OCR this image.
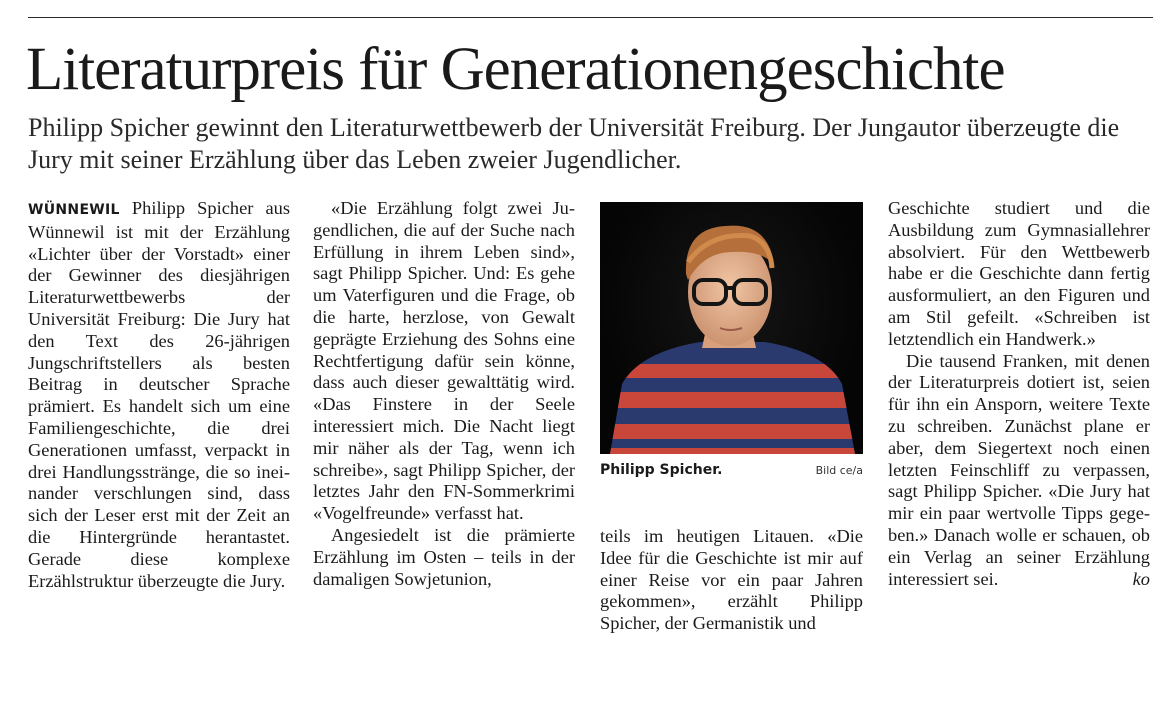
Literaturpreis für Generationengeschichte

Philipp Spicher gewinnt den Literaturwettbewerb der Universität Freiburg. Der Jungautor überzeugte die Jury mit seiner Erzählung über das Leben zweier Jugendlicher.

WÜNNEWIL Philipp Spicher aus Wünnewil ist mit der Erzählung «Lichter über der Vorstadt» einer der Gewinner des diesjährigen Literaturwettbewerbs der Universität Freiburg: Die Jury hat den Text des 26-jährigen Jungschriftstellers als besten Beitrag in deutscher Sprache prämiert. Es handelt sich um eine Familiengeschichte, die drei Generationen umfasst, verpackt in drei Handlungsstränge, die so ineinander verschlungen sind, dass sich der Leser erst mit der Zeit an die Hintergründe herantastet. Gerade diese komplexe Erzählstruktur überzeugte die Jury.

«Die Erzählung folgt zwei Jugendlichen, die auf der Suche nach Erfüllung in ihrem Leben sind», sagt Philipp Spicher. Und: Es gehe um Vaterfiguren und die Frage, ob die harte, herzlose, von Gewalt geprägte Erziehung des Sohns eine Rechtfertigung dafür sein könne, dass auch dieser gewalttätig wird. «Das Finstere in der Seele interessiert mich. Die Nacht liegt mir näher als der Tag, wenn ich schreibe», sagt Philipp Spicher, der letztes Jahr den FN-Sommerkrimi «Vogelfreunde» verfasst hat.

Angesiedelt ist die prämierte Erzählung im Osten – teils in der damaligen Sowjetunion,

Philipp Spicher.	Bild ce/a

teils im heutigen Litauen. «Die Idee für die Geschichte ist mir auf einer Reise vor ein paar Jahren gekommen», erzählt Philipp Spicher, der Germanistik und

Geschichte studiert und die Ausbildung zum Gymnasiallehrer absolviert. Für den Wettbewerb habe er die Geschichte dann fertig ausformuliert, an den Figuren und am Stil gefeilt. «Schreiben ist letztendlich ein Handwerk.»

Die tausend Franken, mit denen der Literaturpreis dotiert ist, seien für ihn ein Ansporn, weitere Texte zu schreiben. Zunächst plane er aber, dem Siegertext noch einen letzten Feinschliff zu verpassen, sagt Philipp Spicher. «Die Jury hat mir ein paar wertvolle Tipps gegeben.» Danach wolle er schauen, ob ein Verlag an seiner Erzählung interessiert sei.	ko
